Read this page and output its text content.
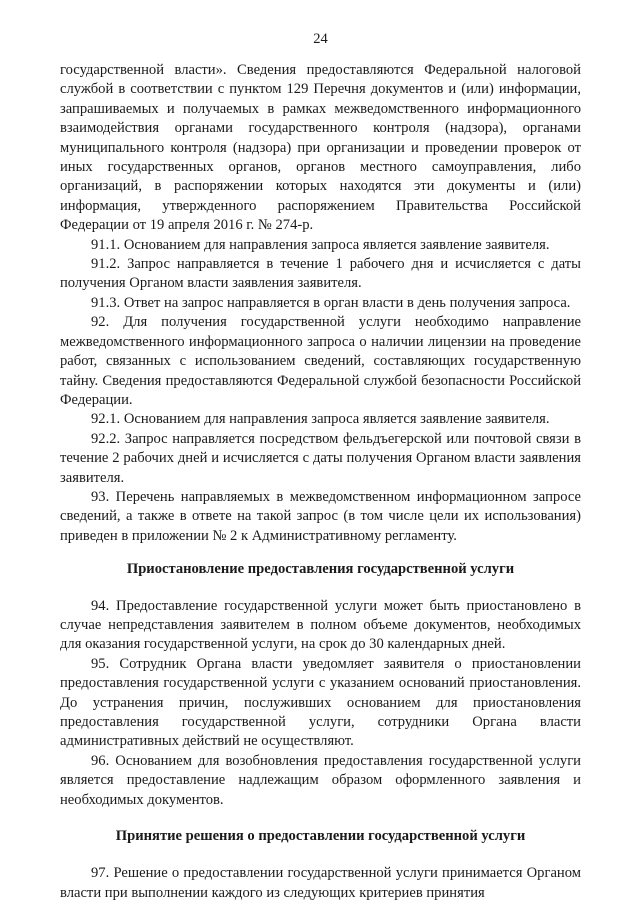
24

государственной власти». Сведения предоставляются Федеральной налоговой службой в соответствии с пунктом 129 Перечня документов и (или) информации, запрашиваемых и получаемых в рамках межведомственного информационного взаимодействия органами государственного контроля (надзора), органами муниципального контроля (надзора) при организации и проведении проверок от иных государственных органов, органов местного самоуправления, либо организаций, в распоряжении которых находятся эти документы и (или) информация, утвержденного распоряжением Правительства Российской Федерации от 19 апреля 2016 г. № 274-р.

91.1. Основанием для направления запроса является заявление заявителя.

91.2. Запрос направляется в течение 1 рабочего дня и исчисляется с даты получения Органом власти заявления заявителя.

91.3. Ответ на запрос направляется в орган власти в день получения запроса.

92. Для получения государственной услуги необходимо направление межведомственного информационного запроса о наличии лицензии на проведение работ, связанных с использованием сведений, составляющих государственную тайну. Сведения предоставляются Федеральной службой безопасности Российской Федерации.

92.1. Основанием для направления запроса является заявление заявителя.

92.2. Запрос направляется посредством фельдъегерской или почтовой связи в течение 2 рабочих дней и исчисляется с даты получения Органом власти заявления заявителя.

93. Перечень направляемых в межведомственном информационном запросе сведений, а также в ответе на такой запрос (в том числе цели их использования) приведен в приложении № 2 к Административному регламенту.

Приостановление предоставления государственной услуги

94. Предоставление государственной услуги может быть приостановлено в случае непредставления заявителем в полном объеме документов, необходимых для оказания государственной услуги, на срок до 30 календарных дней.

95. Сотрудник Органа власти уведомляет заявителя о приостановлении предоставления государственной услуги с указанием оснований приостановления. До устранения причин, послуживших основанием для приостановления предоставления государственной услуги, сотрудники Органа власти административных действий не осуществляют.

96. Основанием для возобновления предоставления государственной услуги является предоставление надлежащим образом оформленного заявления и необходимых документов.

Принятие решения о предоставлении государственной услуги

97. Решение о предоставлении государственной услуги принимается Органом власти при выполнении каждого из следующих критериев принятия
